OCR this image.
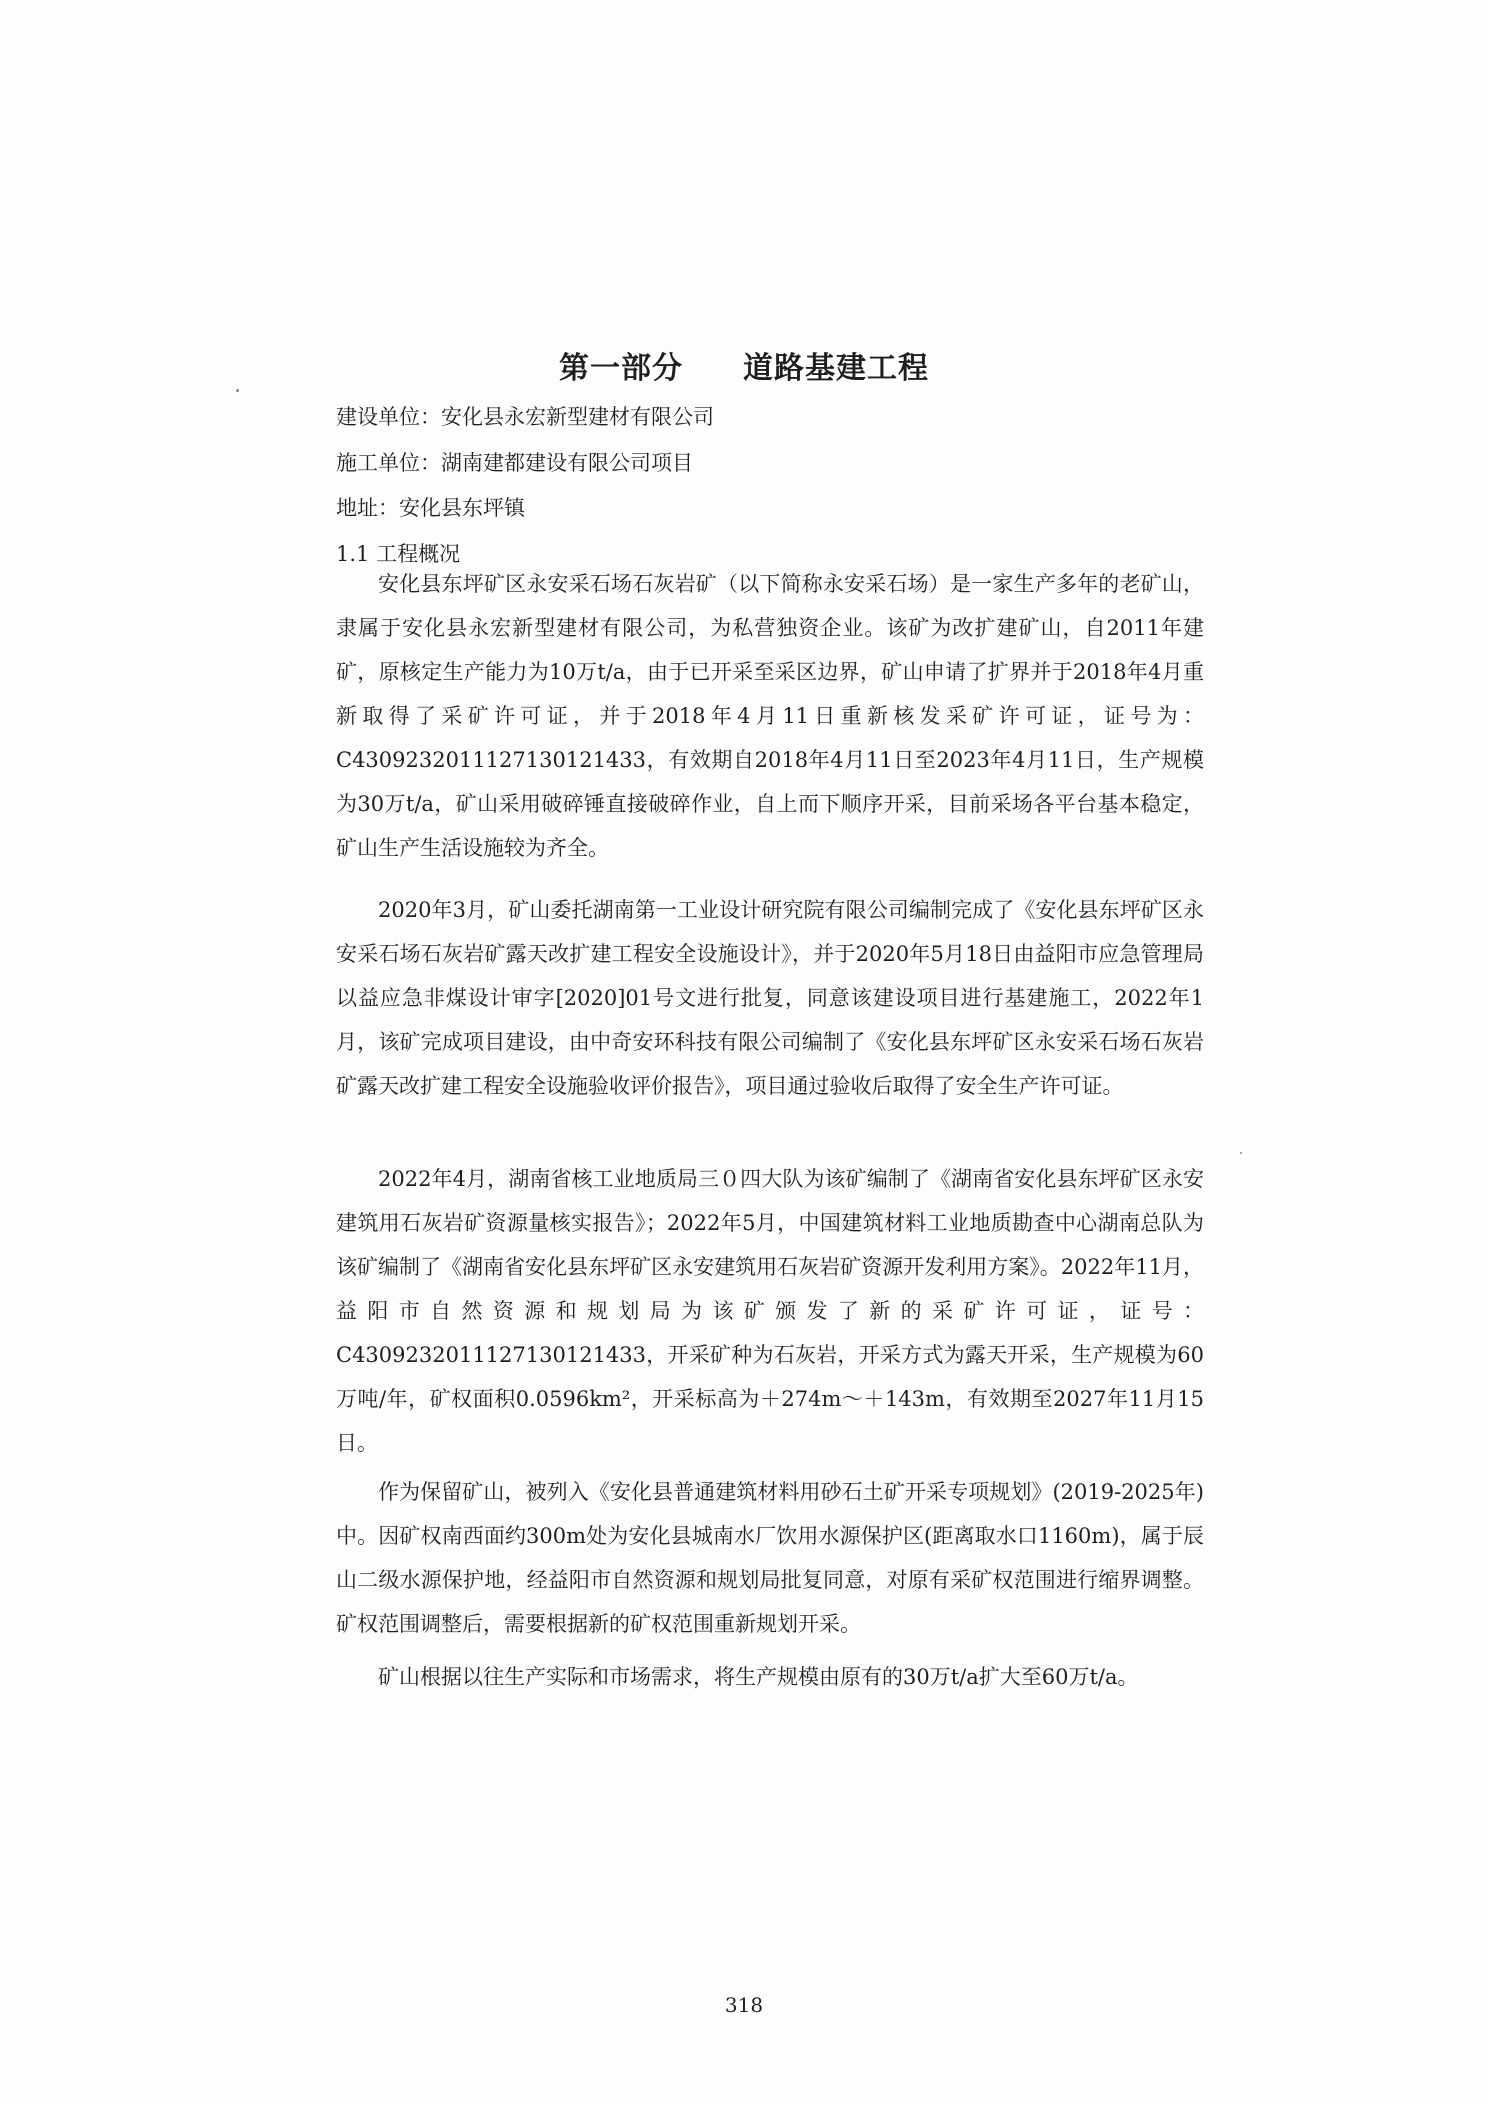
第一部分 道路基建工程
建设单位：安化县永宏新型建材有限公司
施工单位：湖南建都建设有限公司项目
地址：安化县东坪镇
1.1 工程概况

安化县东坪矿区永安采石场石灰岩矿（以下简称永安采石场）是一家生产多年的老矿山，隶属于安化县永宏新型建材有限公司，为私营独资企业。该矿为改扩建矿山，自2011年建矿，原核定生产能力为10万t/a，由于已开采至采区边界，矿山申请了扩界并于2018年4月重新取得了采矿许可证，并于2018年4月11日重新核发采矿许可证，证号为：C4309232011127130121433，有效期自2018年4月11日至2023年4月11日，生产规模为30万t/a，矿山采用破碎锤直接破碎作业，自上而下顺序开采，目前采场各平台基本稳定，矿山生产生活设施较为齐全。

2020年3月，矿山委托湖南第一工业设计研究院有限公司编制完成了《安化县东坪矿区永安采石场石灰岩矿露天改扩建工程安全设施设计》，并于2020年5月18日由益阳市应急管理局以益应急非煤设计审字[2020]01号文进行批复，同意该建设项目进行基建施工，2022年1月，该矿完成项目建设，由中奇安环科技有限公司编制了《安化县东坪矿区永安采石场石灰岩矿露天改扩建工程安全设施验收评价报告》，项目通过验收后取得了安全生产许可证。

2022年4月，湖南省核工业地质局三０四大队为该矿编制了《湖南省安化县东坪矿区永安建筑用石灰岩矿资源量核实报告》；2022年5月，中国建筑材料工业地质勘查中心湖南总队为该矿编制了《湖南省安化县东坪矿区永安建筑用石灰岩矿资源开发利用方案》。2022年11月，益阳市自然资源和规划局为该矿颁发了新的采矿许可证，证号：C4309232011127130121433，开采矿种为石灰岩，开采方式为露天开采，生产规模为60万吨/年，矿权面积0.0596km²，开采标高为＋274m～＋143m，有效期至2027年11月15日。

作为保留矿山，被列入《安化县普通建筑材料用砂石土矿开采专项规划》(2019-2025年)中。因矿权南西面约300m处为安化县城南水厂饮用水源保护区(距离取水口1160m)，属于辰山二级水源保护地，经益阳市自然资源和规划局批复同意，对原有采矿权范围进行缩界调整。矿权范围调整后，需要根据新的矿权范围重新规划开采。

矿山根据以往生产实际和市场需求，将生产规模由原有的30万t/a扩大至60万t/a。

318
